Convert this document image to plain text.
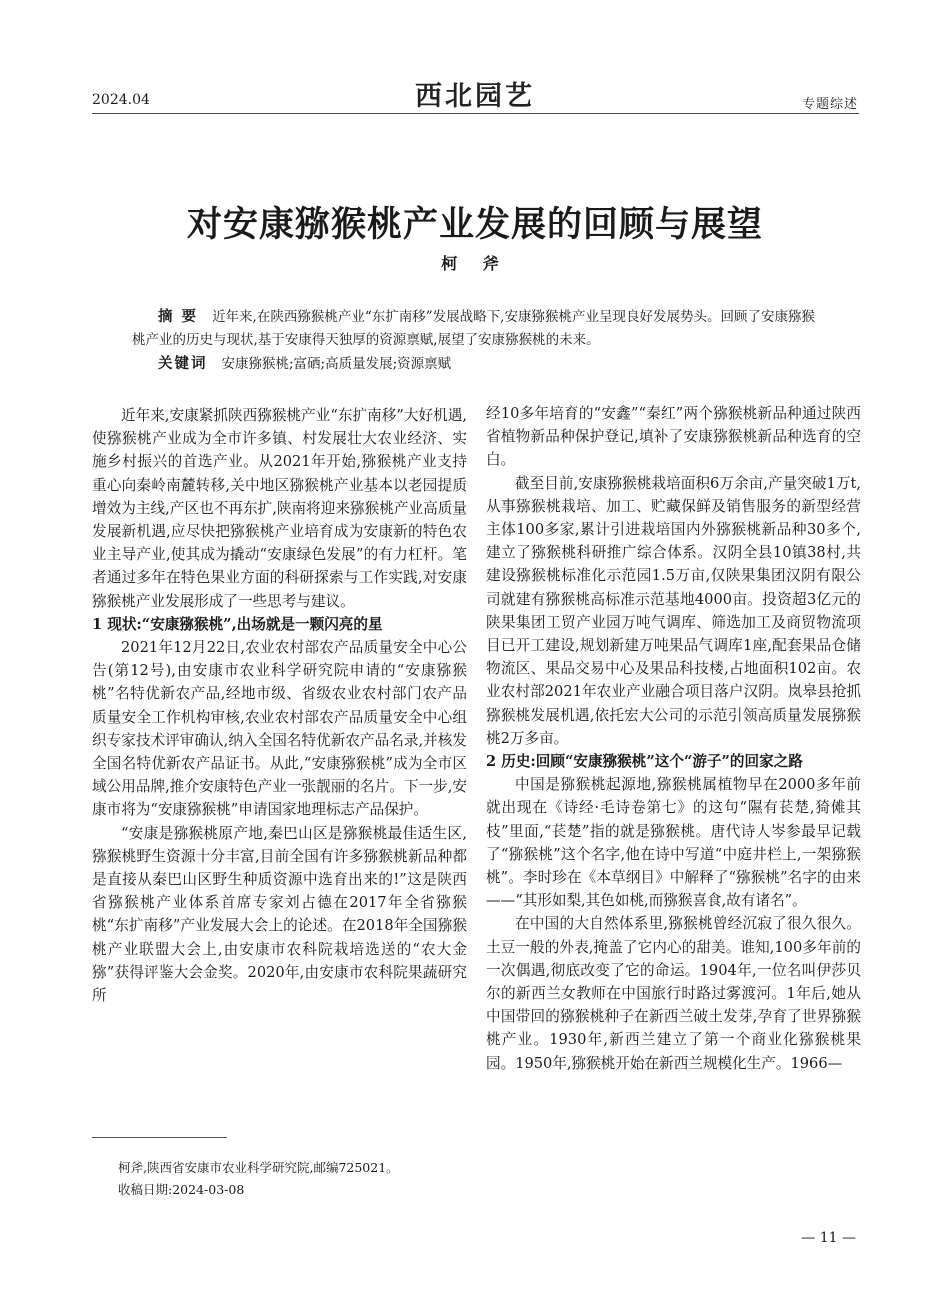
2024.04	西北园艺	专题综述
对安康猕猴桃产业发展的回顾与展望
柯 斧

摘 要 近年来,在陕西猕猴桃产业“东扩南移”发展战略下,安康猕猴桃产业呈现良好发展势头。回顾了安康猕猴桃产业的历史与现状,基于安康得天独厚的资源禀赋,展望了安康猕猴桃的未来。

关键词 安康猕猴桃;富硒;高质量发展;资源禀赋

近年来,安康紧抓陕西猕猴桃产业“东扩南移”大好机遇,使猕猴桃产业成为全市许多镇、村发展壮大农业经济、实施乡村振兴的首选产业。从2021年开始,猕猴桃产业支持重心向秦岭南麓转移,关中地区猕猴桃产业基本以老园提质增效为主线,产区也不再东扩,陕南将迎来猕猴桃产业高质量发展新机遇,应尽快把猕猴桃产业培育成为安康新的特色农业主导产业,使其成为撬动“安康绿色发展”的有力杠杆。笔者通过多年在特色果业方面的科研探索与工作实践,对安康猕猴桃产业发展形成了一些思考与建议。

1 现状:“安康猕猴桃”,出场就是一颗闪亮的星

2021年12月22日,农业农村部农产品质量安全中心公告(第12号),由安康市农业科学研究院申请的“安康猕猴桃”名特优新农产品,经地市级、省级农业农村部门农产品质量安全工作机构审核,农业农村部农产品质量安全中心组织专家技术评审确认,纳入全国名特优新农产品名录,并核发全国名特优新农产品证书。从此,“安康猕猴桃”成为全市区域公用品牌,推介安康特色产业一张靓丽的名片。下一步,安康市将为“安康猕猴桃”申请国家地理标志产品保护。

“安康是猕猴桃原产地,秦巴山区是猕猴桃最佳适生区,猕猴桃野生资源十分丰富,目前全国有许多猕猴桃新品种都是直接从秦巴山区野生种质资源中选育出来的!”这是陕西省猕猴桃产业体系首席专家刘占德在2017年全省猕猴桃“东扩南移”产业发展大会上的论述。在2018年全国猕猴桃产业联盟大会上,由安康市农科院栽培选送的“农大金猕”获得评鉴大会金奖。2020年,由安康市农科院果蔬研究所

经10多年培育的“安鑫”“秦红”两个猕猴桃新品种通过陕西省植物新品种保护登记,填补了安康猕猴桃新品种选育的空白。

截至目前,安康猕猴桃栽培面积6万余亩,产量突破1万t,从事猕猴桃栽培、加工、贮藏保鲜及销售服务的新型经营主体100多家,累计引进栽培国内外猕猴桃新品种30多个,建立了猕猴桃科研推广综合体系。汉阴全县10镇38村,共建设猕猴桃标准化示范园1.5万亩,仅陕果集团汉阴有限公司就建有猕猴桃高标准示范基地4000亩。投资超3亿元的陕果集团工贸产业园万吨气调库、筛选加工及商贸物流项目已开工建设,规划新建万吨果品气调库1座,配套果品仓储物流区、果品交易中心及果品科技楼,占地面积102亩。农业农村部2021年农业产业融合项目落户汉阴。岚皋县抢抓猕猴桃发展机遇,依托宏大公司的示范引领高质量发展猕猴桃2万多亩。

2 历史:回顾“安康猕猴桃”这个“游子”的回家之路

中国是猕猴桃起源地,猕猴桃属植物早在2000多年前就出现在《诗经·毛诗卷第七》的这句“隰有苌楚,猗傩其枝”里面,“苌楚”指的就是猕猴桃。唐代诗人岑参最早记载了“猕猴桃”这个名字,他在诗中写道“中庭井栏上,一架猕猴桃”。李时珍在《本草纲目》中解释了“猕猴桃”名字的由来——“其形如梨,其色如桃,而猕猴喜食,故有诸名”。

在中国的大自然体系里,猕猴桃曾经沉寂了很久很久。土豆一般的外表,掩盖了它内心的甜美。谁知,100多年前的一次偶遇,彻底改变了它的命运。1904年,一位名叫伊莎贝尔的新西兰女教师在中国旅行时路过雾渡河。1年后,她从中国带回的猕猴桃种子在新西兰破土发芽,孕育了世界猕猴桃产业。1930年,新西兰建立了第一个商业化猕猴桃果园。1950年,猕猴桃开始在新西兰规模化生产。1966—

柯斧,陕西省安康市农业科学研究院,邮编725021。
收稿日期:2024-03-08
— 11 —
